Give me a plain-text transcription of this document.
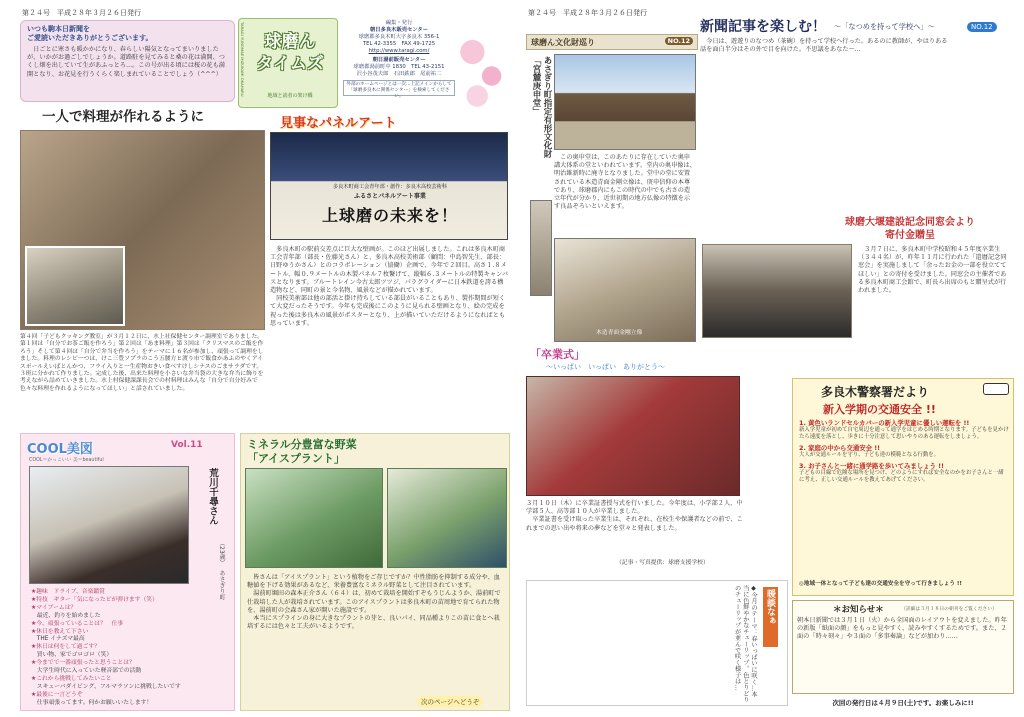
第２４号　平成２８年３月２６日発行
いつも駒本日新聞を
ご愛読いただきありがとうございます。
　日ごとに寒さも暖かかになり、春らしい陽気となってまいりましたが、いかがお過ごしでしょうか。道路駐を見てみると桑の花は満開、つくし畑を出していて生があふっとろ…。この号が出る頃には桜の花も満開となり、お花見を行うくらく楽しまれていることでしょう（^^^）	TARAGI YUNOMAE MIZUKAMI OKAHARU	球磨ん
タイムズ
地域と読者の架け橋
編集・発行
朝日多良木販売センター
球磨郡多良木町大字多良木 356-1
TEL 42-3355　FAX 49-1725
http://www.taragi.com/
朝日湯前販売センター
球磨郡湯前町中 1830　TEL 43-2151
沢小谷茂夫郎　石田鉄郎　尾前祐二
外部のホームページとは一次...上記メインからして「球磨多良木に関係センター」を検索してください。
一人で料理が作れるように
第４回「子どもクッキング教室」が３月１２日に、水上社保健センター調理室でありました。第１回は「自分でお茶ご飯を作ろう」第２回は「あま料理」第３回は「クリスマスのご飯を作ろう」そして第４回は「自分で弁当を作ろう」をテーマに１６名が参加し、頑張って調理をしました。料理のレシピ一つは、けこ三豊ソプラのこう五腰方ヒ渡り市で飯食かあふのやくアイスポールえいばとんかつ、フライ入りと一生産物おきい食べすけしシナスのごまサラダです。３班に分かれて作りました。完成した後、出来た料理を小さいな弁当袋の大きな弁当に飾りを考えながら詰めていきました。水上村保健課課長会での村料理はみんな「自分で自分好みで色々な料理を作れるようになってほしい」と話されていました。
見事なパネルアート
多良木町商工会青年部・創作：多良木高校芸術科
ふるさとパネルアート事業
上球磨の未来を！
　多良木町の駅前交差点に巨大な壁画が。このほど出展しました。これは多良木町商工会青年部（部長・佐藤光さん）と、多良木高校美術部（顧問：中島智先生、部長：日野ゆうかさん）とのコラボレーション（協働）企画で、今年で２回目。高さ１.８メートル、幅０.９メートルの木製パネル７枚繋げて、縦幅６.３メートルの特製キャンバスとなります。ブルートレイン今古太郎ツツジ、パラグライダーに日本鉄道を誇る構造物など、同町の景と今名物、風景などが描かれています。
　同校美術部は他の部活と掛け持ちしている部員がいることもあり、製作期間が短くて大変だったそうです。今年も完成後にこのように見られる壁画となり、絵の完成を祝った後は多良木の風景がポスターとなり、上が描いていただけるようになればとも思っています。
COOL美図
COOL＝かっこいい 美＝beautiful
Vol.11
荒川千尋さん
（23歳）
あさぎり町
★趣味　ドライブ、音楽鑑賞
★特技　ギター「気になったピが弾けます（笑）
★マイブームは？
　最近、釣りを始めました
★今、頑張っていることは？　仕事
★休日を教えて下さい
　THE イナズマ最高
★休日は何をして過ごす？
　買い物、家でゴロゴロ（笑）
★今までで一番頑張ったと思うことは？
　大学生時代に入っていた軽音部での活動
★これから挑戦してみたいこと
　スキューバダイビング、フルマラソンに挑戦したいです
★最後に一言どうぞ
　仕事頑張ってます。何かお願いいたします！
ミネラル分豊富な野菜
「アイスプラント」
　皆さんは「アイスプラント」という植物をご存じですか？中性脂肪を抑制する成分や、血糖値を下げる効果があるなど、栄養豊富なミネラル野菜として注目されています。
　湯前町堀田の森本正介さん（６４）は、初めて栽培を開始すぞもうじんようか、湯前町で仕栽培した人が栽培されています。このアイスプラントは多良木町の苗周地で育てられた物を、湯前町の会森さん家が開いた施設です。
　本当にスプラインの身に大きなプラントの芽と、良いパイ、同品種よりこの苗に食とへ栽培するには色々と工夫がいるようです。
次のページへどうぞ
第２４号　平成２８年３月２６日発行
新聞記事を楽しむ！ 〜「なつめを持って学校へ」〜	NO.12
　今日は、遊遊りのなつめ（茶碗）を持って学校へ行った。あるのに教師が、やはりある
話を面白半分はその外で目を向けた。不思議をあなた〜…
球磨ん文化財巡り	NO.12
あさぎり町指定有形文化財
「宮麓庚申堂」
　この奥申堂は、このあたりに存在していた奥申講大体系の堂といわれています。堂内の奥申像は、明治維新時に廃寺となりました。堂中の堂に安置されている木造青面金剛立像は、庚申信仰の本尊であり、球磨郡内にもこの時代の中でも古さの造立年代が分かり、近世初期の地方仏像の特徴を示す良品ぞろいといえます。
木造青面金剛立像
球磨大堰建設記念同窓会より
寄付金贈呈
　３月７日に、多良木町中学校昭和４５年度卒業生（３４４名）が、昨年１１月に行われた「還暦記念同窓会」を実施しまして「余ったお金の一部を役立ててほしい」との寄付を受けました。同窓会の主催者である多良木町商工会館で、町長ら出席のもと贈呈式が行われました。
「卒業式」
〜いっぱい　いっぱい　ありがとう〜
３月１０日（木）に卒業証書授与式を行いました。今年度は、小学部２人、中学部５人、高等部１０人が卒業しました。
　卒業証書を受け取った卒業生は、それぞれ、在校生や保護者などの前で、これまでの思い出や将来の夢などを堂々と発表しました。
（記事・写真提供：球磨支援学校）
多良木警察署だより
新入学期の交通安全 !!
1. 黄色いランドセルカバーの新入学児童に優しい運転を !!
新入学児童が初めて自宅周辺を通って通学をはじめる時期となります。子どもを見かけたら速度を落とし、歩きに十分注意して思いやりのある運転をしましょう。
2. 家庭の中から交通安全 !!
大人が交通ルールを守り、子ども達の模範となる行動を。
3. お子さんと一緒に通学路を歩いてみましょう !!
子どもの目線で危険な場所を見つけ、どのようにすれば安全なのかをお子さんと一緒に考え、正しい交通ルールを教えてあげてください。
◎地域一体となって子ども達の交通安全を守って行きましょう !!
暖談なぁ
◆今月のテーマ：春いっぱいに咲く…本当に色鮮やかなチューリップ。色とりどりのチューリップが並んで咲く様子は…	＊お知らせ＊	（詳細は３月１８日の朝刊をご覧ください）
朝本日新聞では３月１日（火）から全国面のレイアウトを変えました。昨年の新版「紙面の顔」をもっと見やすく、読みやすくするためです。また、２面の「時々刻々」や３面の「多事奏論」などが加わり……
次回の発行日は４月９日(土)です。お楽しみに!!
